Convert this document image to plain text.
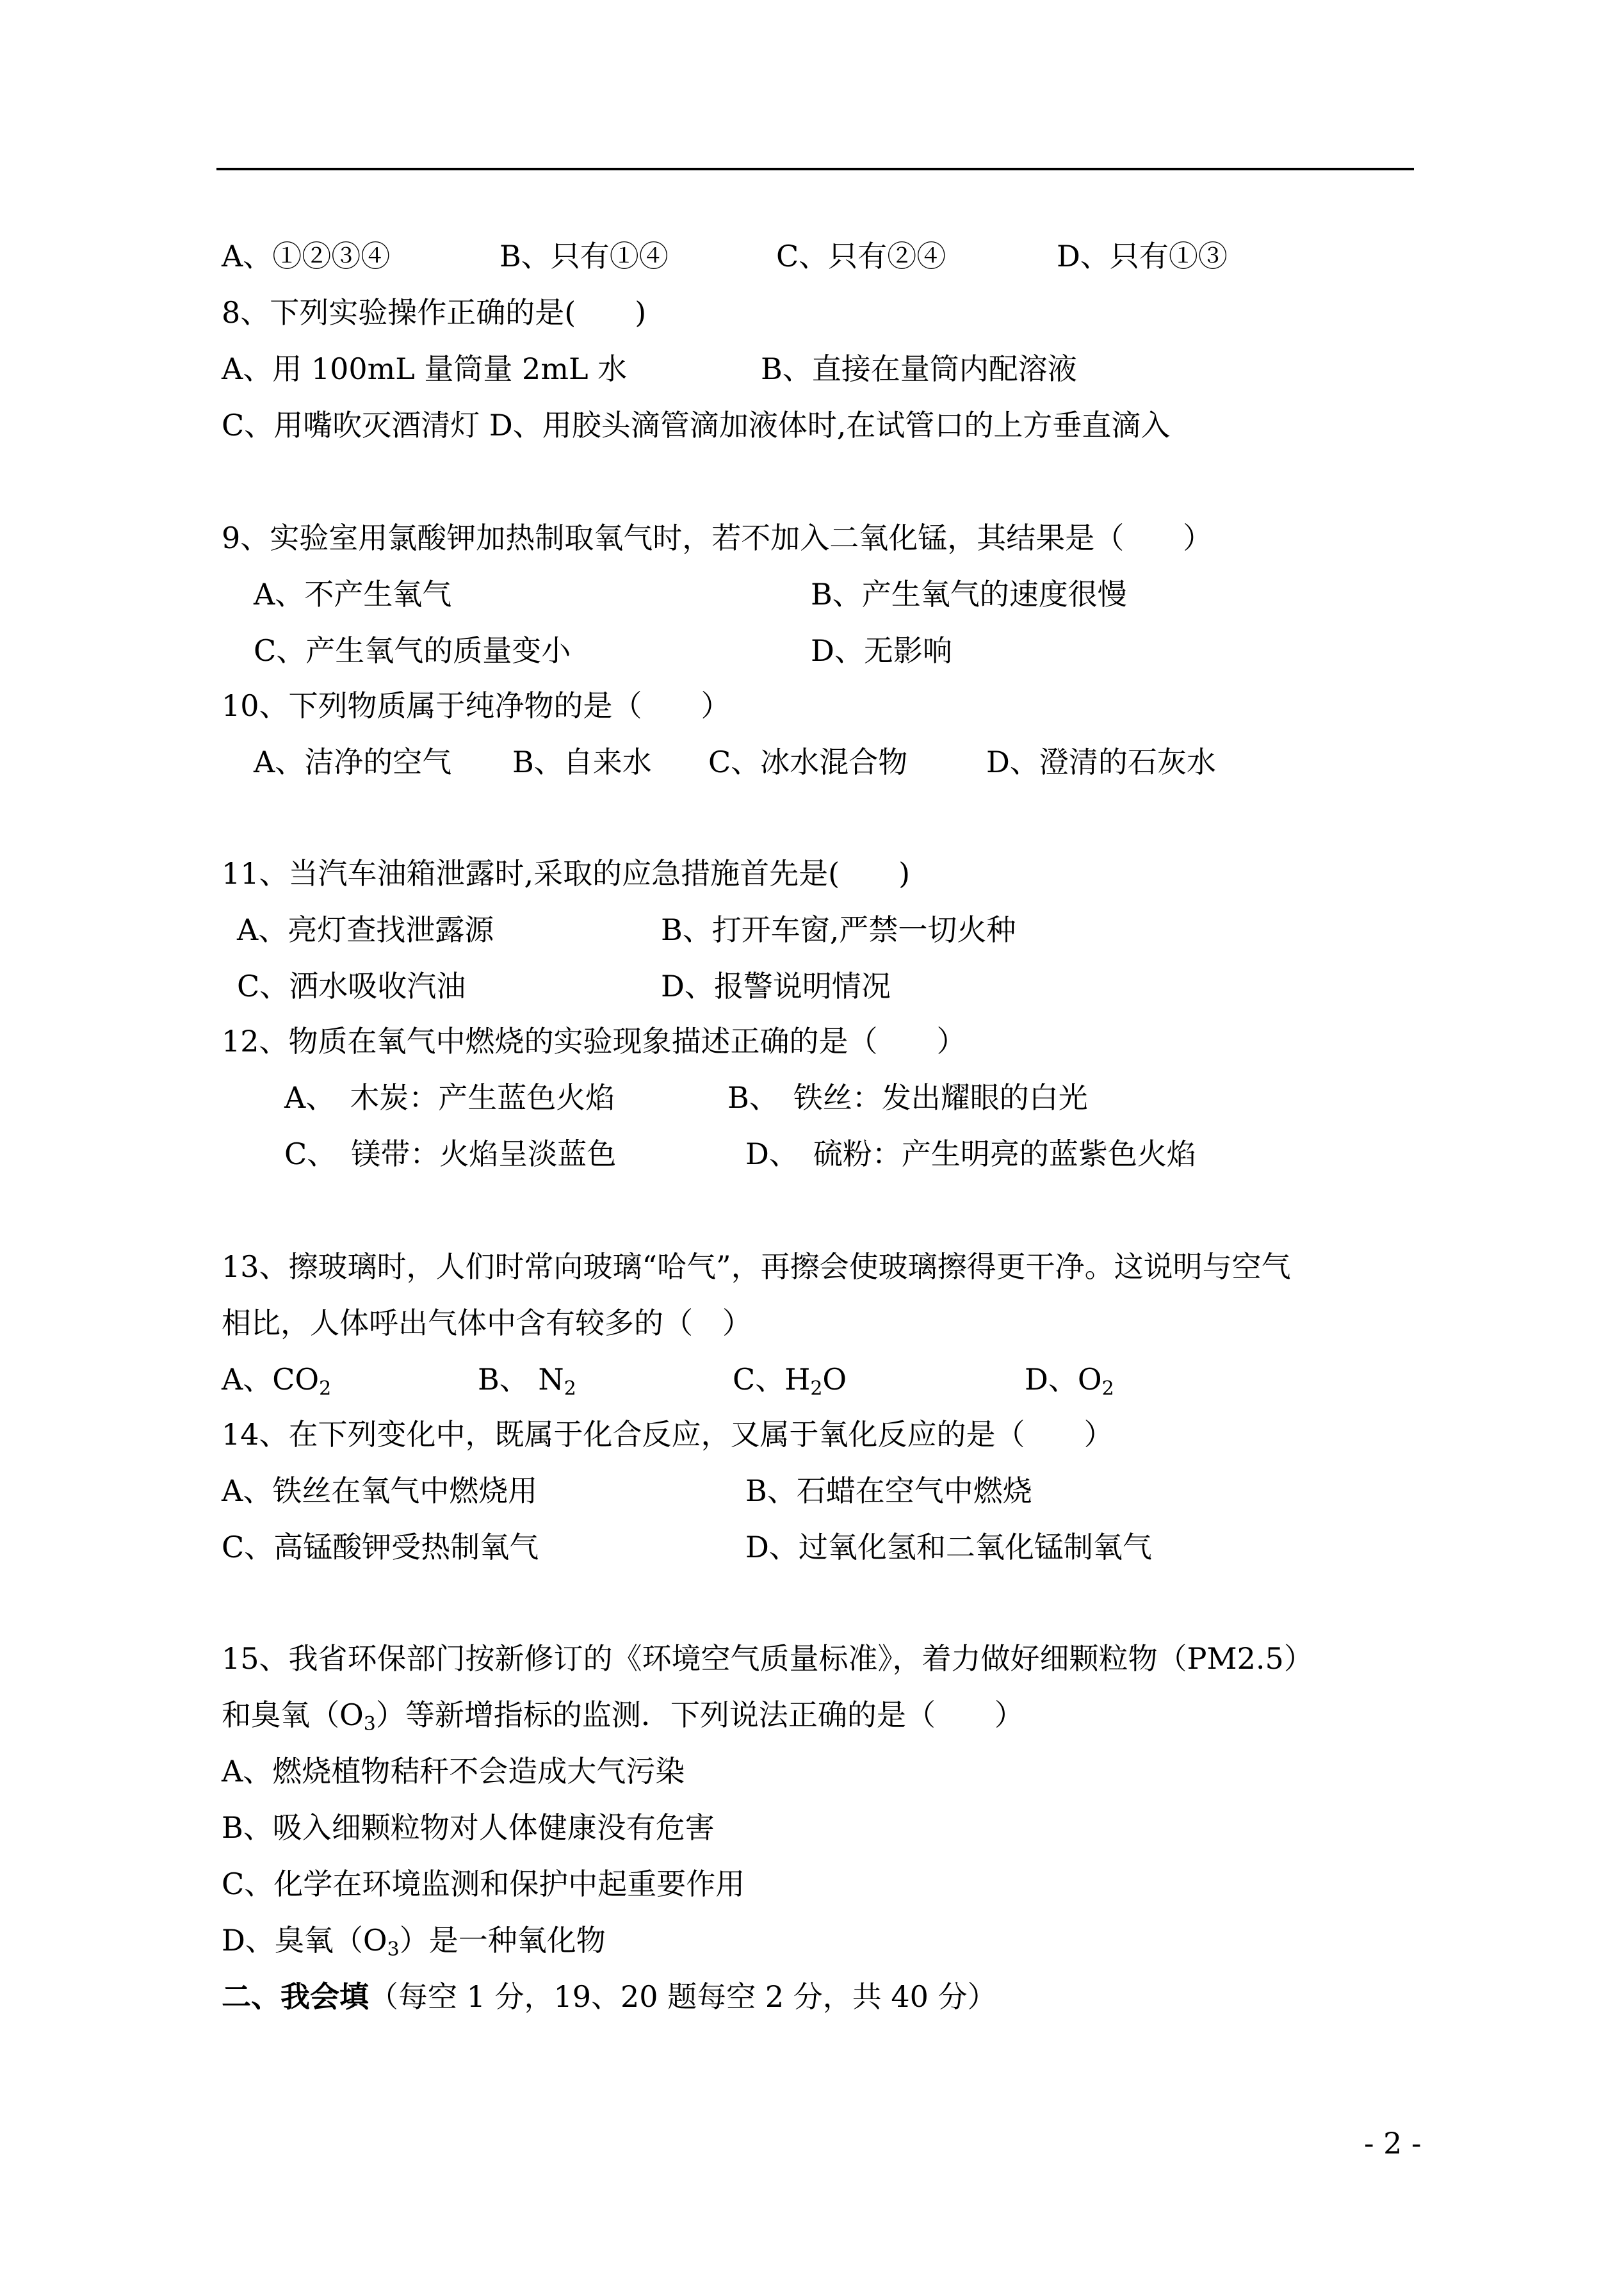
A、①②③④	B、只有①④	C、只有②④	D、只有①③
8、下列实验操作正确的是(　　)
A、用 100mL 量筒量 2mL 水	B、直接在量筒内配溶液
C、用嘴吹灭酒清灯 D、用胶头滴管滴加液体时,在试管口的上方垂直滴入
9、实验室用氯酸钾加热制取氧气时，若不加入二氧化锰，其结果是（　　）
A、不产生氧气	B、产生氧气的速度很慢
C、产生氧气的质量变小	D、无影响
10、下列物质属于纯净物的是（　　）
A、洁净的空气 B、自来水 C、冰水混合物	D、澄清的石灰水
11、当汽车油箱泄露时,采取的应急措施首先是(　　)
A、亮灯查找泄露源	B、打开车窗,严禁一切火种
C、洒水吸收汽油	D、报警说明情况
12、物质在氧气中燃烧的实验现象描述正确的是（　　）
A、　木炭：产生蓝色火焰	B、　铁丝：发出耀眼的白光
C、　镁带：火焰呈淡蓝色	D、　硫粉：产生明亮的蓝紫色火焰
13、擦玻璃时，人们时常向玻璃“哈气”，再擦会使玻璃擦得更干净。这说明与空气
相比，人体呼出气体中含有较多的（　）
A、$CO_2$	B、 $N_2$	C、$H_2O$	D、$O_2$
14、在下列变化中，既属于化合反应，又属于氧化反应的是（　　）
A、铁丝在氧气中燃烧用	B、石蜡在空气中燃烧
C、高锰酸钾受热制氧气	D、过氧化氢和二氧化锰制氧气
15、我省环保部门按新修订的《环境空气质量标准》，着力做好细颗粒物（PM2.5）
和臭氧$(O_3)$等新增指标的监测．下列说法正确的是（　　）
A、燃烧植物秸秆不会造成大气污染
B、吸入细颗粒物对人体健康没有危害
C、化学在环境监测和保护中起重要作用
D、臭氧$(O_3)$是一种氧化物
二、我会填（每空 1 分，19、20 题每空 2 分，共 40 分）
- 2 -
